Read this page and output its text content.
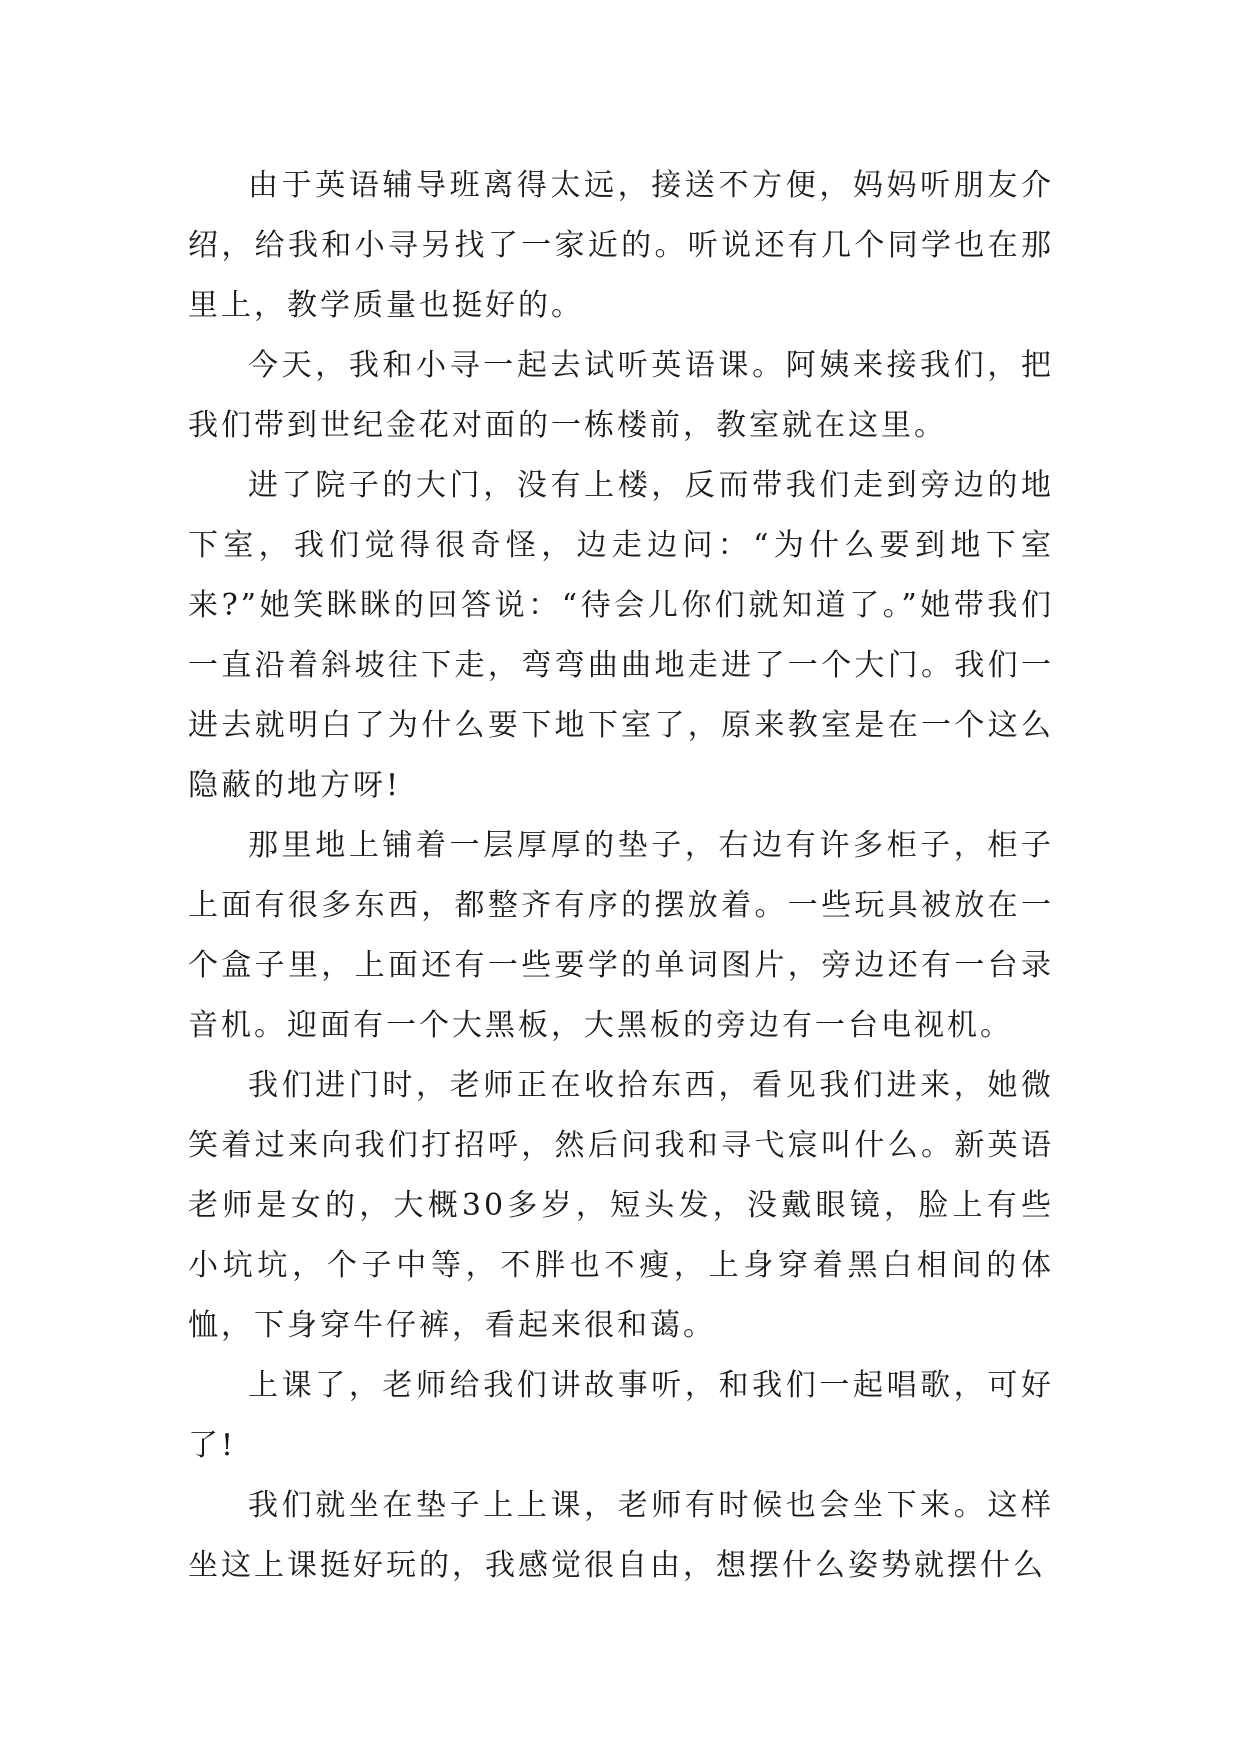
由于英语辅导班离得太远，接送不方便，妈妈听朋友介绍，给我和小寻另找了一家近的。听说还有几个同学也在那里上，教学质量也挺好的。

今天，我和小寻一起去试听英语课。阿姨来接我们，把我们带到世纪金花对面的一栋楼前，教室就在这里。

进了院子的大门，没有上楼，反而带我们走到旁边的地下室，我们觉得很奇怪，边走边问：“为什么要到地下室来?”她笑眯眯的回答说：“待会儿你们就知道了。”她带我们一直沿着斜坡往下走，弯弯曲曲地走进了一个大门。我们一进去就明白了为什么要下地下室了，原来教室是在一个这么隐蔽的地方呀!

那里地上铺着一层厚厚的垫子，右边有许多柜子，柜子上面有很多东西，都整齐有序的摆放着。一些玩具被放在一个盒子里，上面还有一些要学的单词图片，旁边还有一台录音机。迎面有一个大黑板，大黑板的旁边有一台电视机。

我们进门时，老师正在收拾东西，看见我们进来，她微笑着过来向我们打招呼，然后问我和寻弋宸叫什么。新英语老师是女的，大概30多岁，短头发，没戴眼镜，脸上有些小坑坑，个子中等，不胖也不瘦，上身穿着黑白相间的体恤，下身穿牛仔裤，看起来很和蔼。

上课了，老师给我们讲故事听，和我们一起唱歌，可好了!

我们就坐在垫子上上课，老师有时候也会坐下来。这样坐这上课挺好玩的，我感觉很自由，想摆什么姿势就摆什么
